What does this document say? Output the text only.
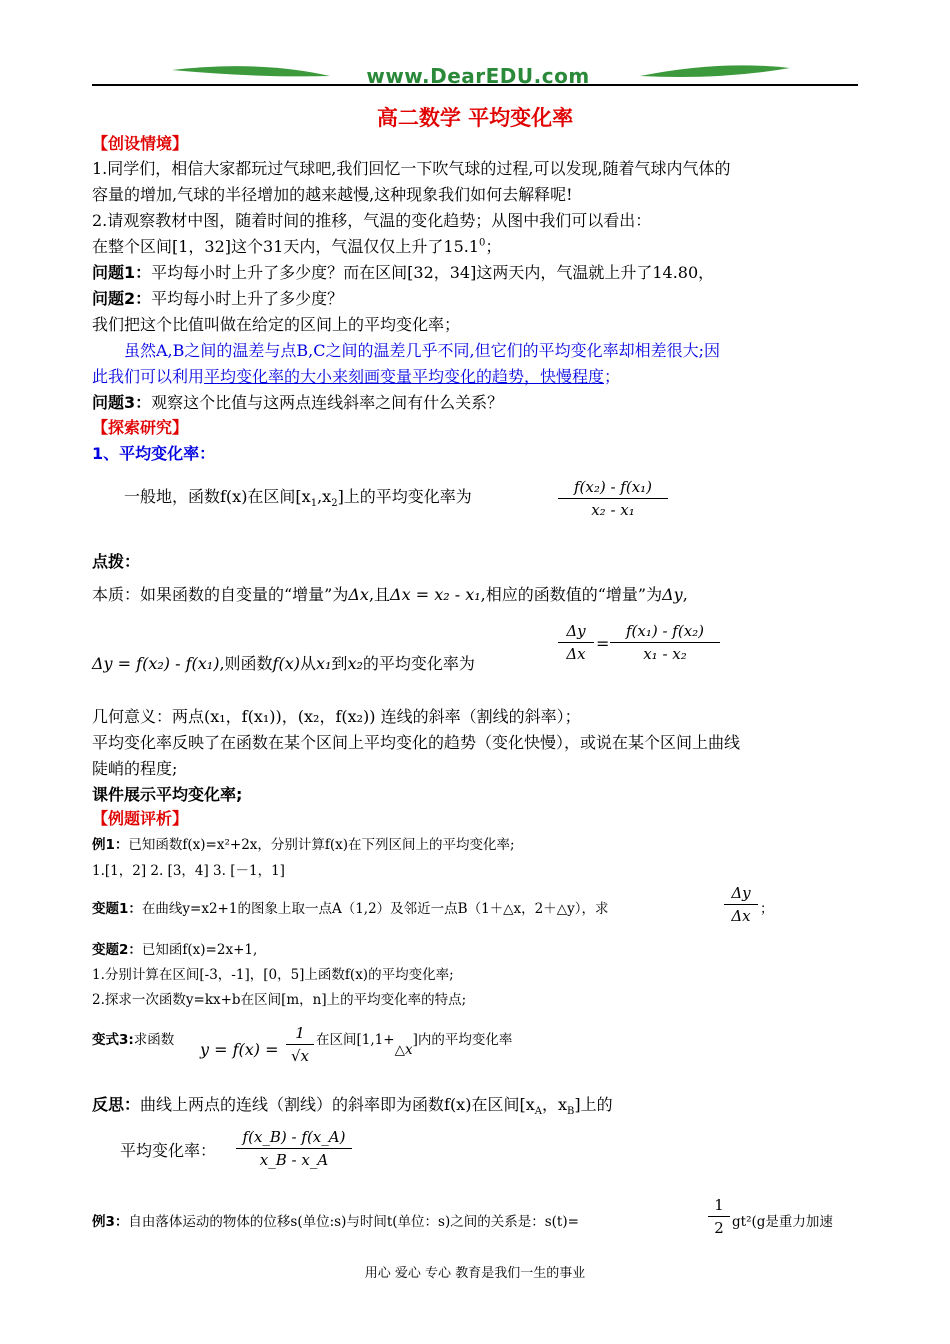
www.DearEDU.com
高二数学 平均变化率
【创设情境】
1.同学们，相信大家都玩过气球吧,我们回忆一下吹气球的过程,可以发现,随着气球内气体的
容量的增加,气球的半径增加的越来越慢,这种现象我们如何去解释呢!
2.请观察教材中图，随着时间的推移，气温的变化趋势；从图中我们可以看出：
在整个区间[1，32]这个31天内，气温仅仅上升了15.1$^0$；
问题1：平均每小时上升了多少度？而在区间[32，34]这两天内，气温就上升了14.80，
问题2：平均每小时上升了多少度？
我们把这个比值叫做在给定的区间上的平均变化率；
虽然A,B之间的温差与点B,C之间的温差几乎不同,但它们的平均变化率却相差很大;因
此我们可以利用平均变化率的大小来刻画变量平均变化的趋势，快慢程度；
问题3：观察这个比值与这两点连线斜率之间有什么关系？
【探索研究】
1、平均变化率：
一般地，函数f(x)在区间$[x_1,x_2]$上的平均变化率为	f(x₂) - f(x₁)
x₂ - x₁
点拨：
本质：如果函数的自变量的“增量”为Δx,且Δx = x₂ - x₁,相应的函数值的“增量”为Δy,
Δy = f(x₂) - f(x₁),则函数f(x)从x₁到x₂的平均变化率为
Δy
Δx
=
f(x₁) - f(x₂)
x₁ - x₂
几何意义：两点(x₁，f(x₁))，(x₂，f(x₂)) 连线的斜率（割线的斜率）；
平均变化率反映了在函数在某个区间上平均变化的趋势（变化快慢），或说在某个区间上曲线
陡峭的程度;
课件展示平均变化率;
【例题评析】
例1：已知函数f(x)=x²+2x，分别计算f(x)在下列区间上的平均变化率;
1.[1，2] 2. [3，4] 3. [－1，1]
变题1：在曲线y=x2+1的图象上取一点A（1,2）及邻近一点B（1＋△x，2＋△y），求
Δy
Δx ；
变题2：已知函f(x)=2x+1,
1.分别计算在区间[-3，-1]，[0，5]上函数f(x)的平均变化率;
2.探求一次函数y=kx+b在区间[m，n]上的平均变化率的特点;
变式3:求函数 y = f(x) =
1
√x
在区间[1,1+△x]内的平均变化率
反思：曲线上两点的连线（割线）的斜率即为函数f(x)在区间[$x_A$，$x_B$]上的
平均变化率：
f(x_B) - f(x_A)
x_B - x_A
例3：自由落体运动的物体的位移s(单位:s)与时间t(单位：s)之间的关系是：s(t)=
1
2 gt²(g是重力加速
用心 爱心 专心 教育是我们一生的事业
